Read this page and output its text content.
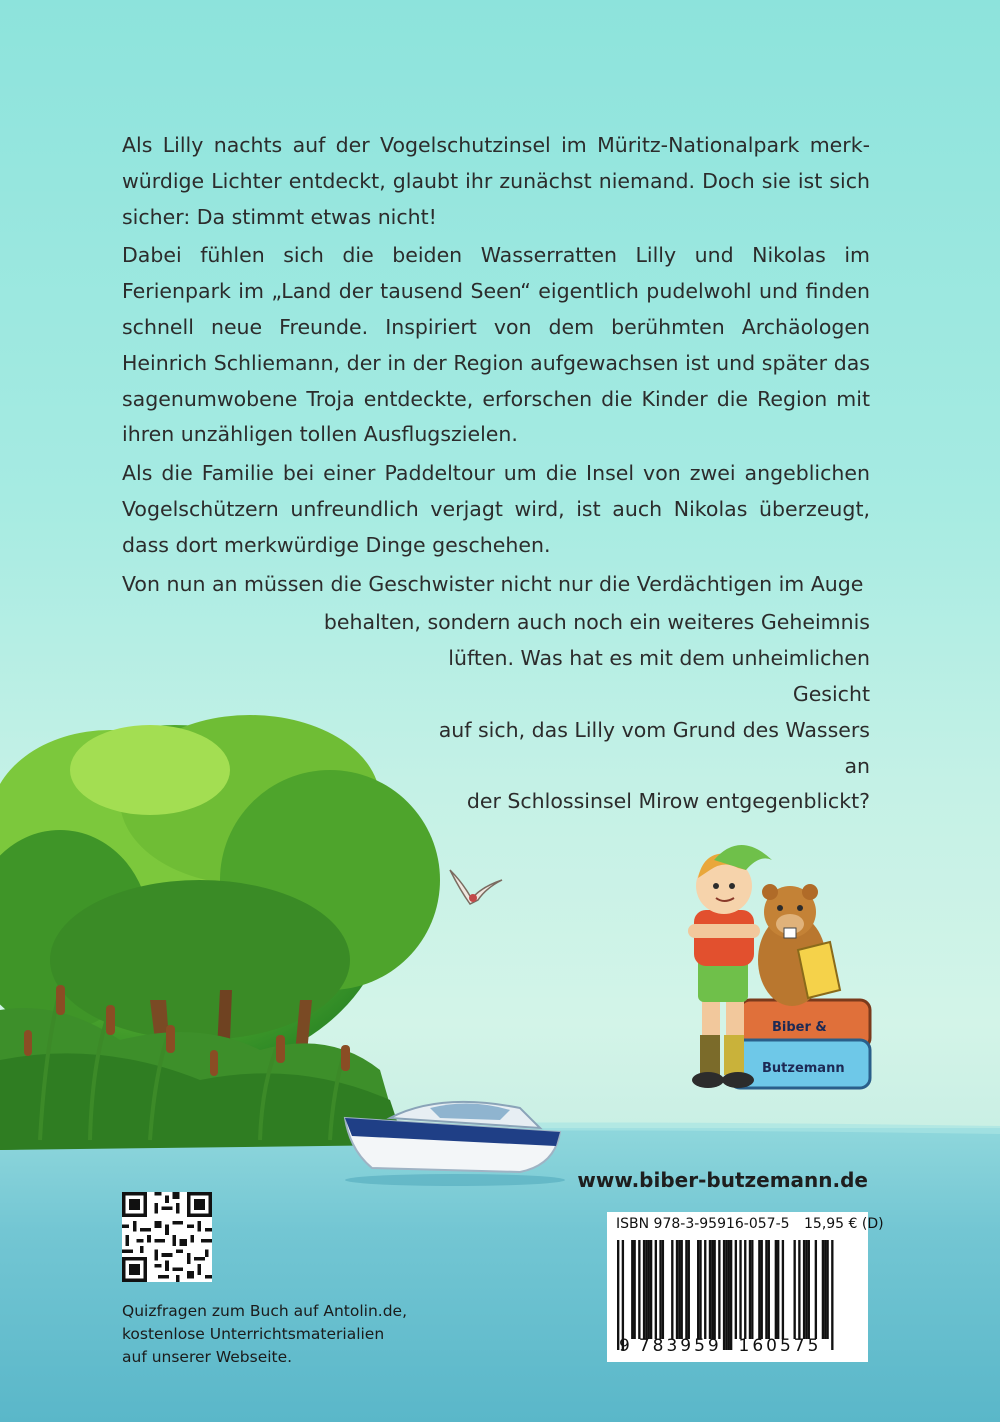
Biber &
Butzemann

Als Lilly nachts auf der Vogelschutzinsel im Müritz-Nationalpark merkwürdige Lichter entdeckt, glaubt ihr zunächst niemand. Doch sie ist sich sicher: Da stimmt etwas nicht!

Dabei fühlen sich die beiden Wasserratten Lilly und Nikolas im Ferienpark im „Land der tausend Seen“ eigentlich pudelwohl und finden schnell neue Freunde. Inspiriert von dem berühmten Archäologen Heinrich Schliemann, der in der Region aufgewachsen ist und später das sagenumwobene Troja entdeckte, erforschen die Kinder die Region mit ihren unzähligen tollen Ausflugszielen.

Als die Familie bei einer Paddeltour um die Insel von zwei angeblichen Vogelschützern unfreundlich verjagt wird, ist auch Nikolas überzeugt, dass dort merkwürdige Dinge geschehen.

Von nun an müssen die Geschwister nicht nur die Verdächtigen im Auge

behalten, sondern auch noch ein weiteres Geheimnis

lüften. Was hat es mit dem unheimlichen Gesicht

auf sich, das Lilly vom Grund des Wassers an

der Schlossinsel Mirow entgegenblickt?

www.biber-butzemann.de
Quizfragen zum Buch auf Antolin.de,
kostenlose Unterrichtsmaterialien
auf unserer Webseite.
ISBN 978-3-95916-057-5 15,95 € (D)
9 783959 160575
